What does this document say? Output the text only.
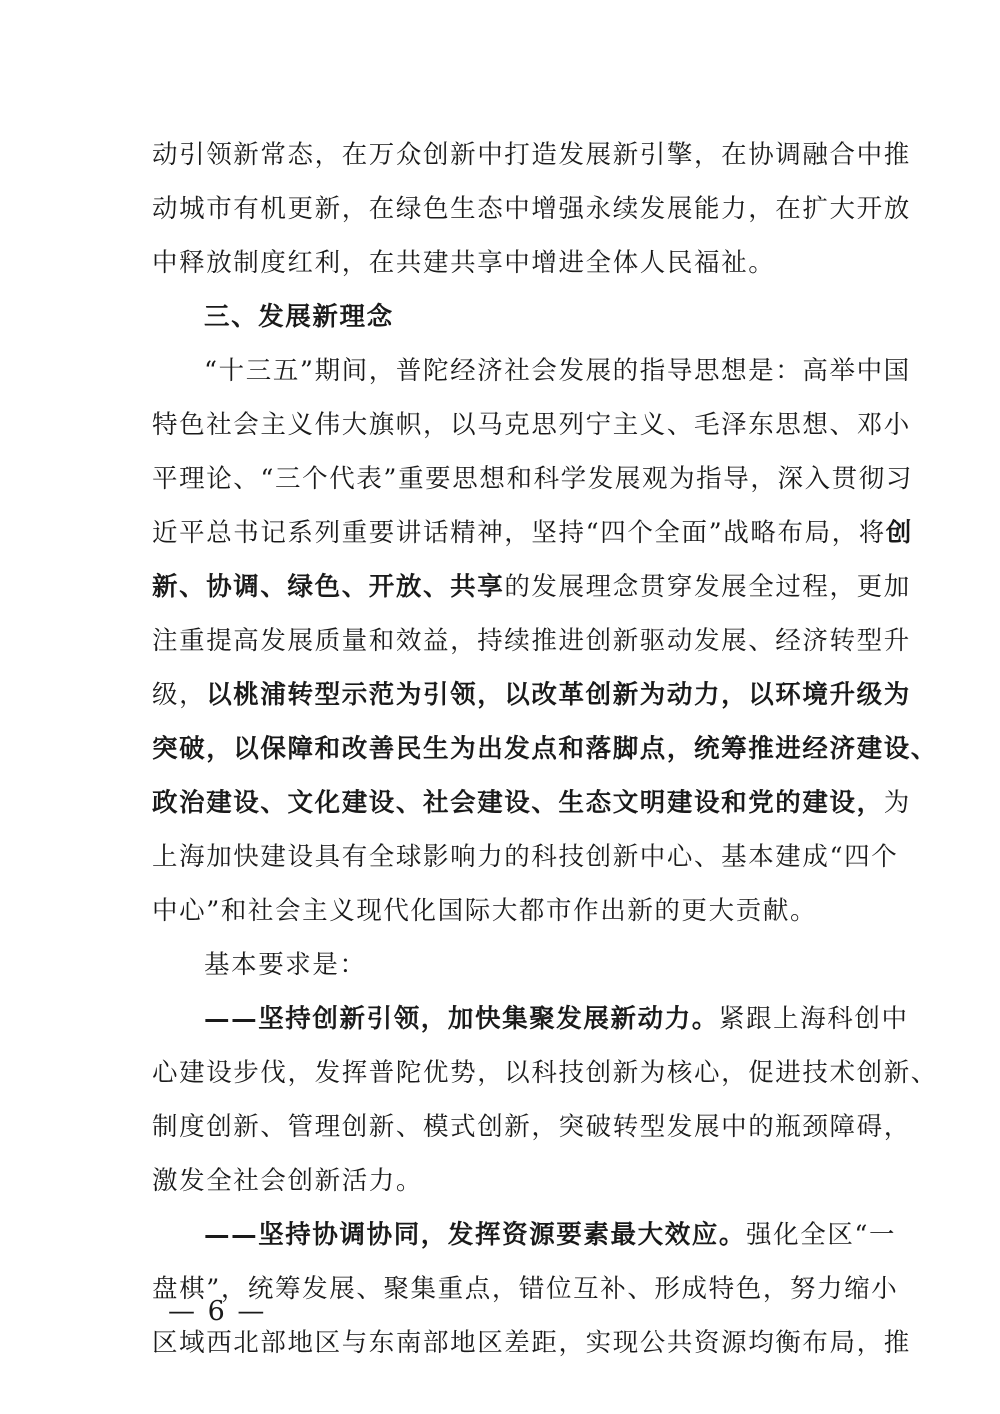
动引领新常态，在万众创新中打造发展新引擎，在协调融合中推
动城市有机更新，在绿色生态中增强永续发展能力，在扩大开放
中释放制度红利，在共建共享中增进全体人民福祉。
三、发展新理念
“十三五”期间，普陀经济社会发展的指导思想是：高举中国
特色社会主义伟大旗帜，以马克思列宁主义、毛泽东思想、邓小
平理论、“三个代表”重要思想和科学发展观为指导，深入贯彻习
近平总书记系列重要讲话精神，坚持“四个全面”战略布局，将创
新、协调、绿色、开放、共享的发展理念贯穿发展全过程，更加
注重提高发展质量和效益，持续推进创新驱动发展、经济转型升
级，以桃浦转型示范为引领，以改革创新为动力，以环境升级为
突破，以保障和改善民生为出发点和落脚点，统筹推进经济建设、
政治建设、文化建设、社会建设、生态文明建设和党的建设，为
上海加快建设具有全球影响力的科技创新中心、基本建成“四个
中心”和社会主义现代化国际大都市作出新的更大贡献。
基本要求是：
——坚持创新引领，加快集聚发展新动力。紧跟上海科创中
心建设步伐，发挥普陀优势，以科技创新为核心，促进技术创新、
制度创新、管理创新、模式创新，突破转型发展中的瓶颈障碍，
激发全社会创新活力。
——坚持协调协同，发挥资源要素最大效应。强化全区“一
盘棋”，统筹发展、聚集重点，错位互补、形成特色，努力缩小
区域西北部地区与东南部地区差距，实现公共资源均衡布局，推
— 6 —
